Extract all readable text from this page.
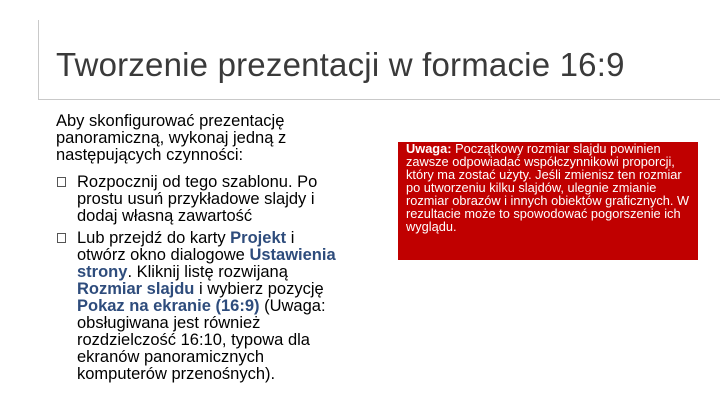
Tworzenie prezentacji w formacie 16:9

Aby skonfigurować prezentację panoramiczną, wykonaj jedną z następujących czynności:

Rozpocznij od tego szablonu. Po prostu usuń przykładowe slajdy i dodaj własną zawartość
Lub przejdź do karty Projekt i otwórz okno dialogowe Ustawienia strony. Kliknij listę rozwijaną Rozmiar slajdu i wybierz pozycję Pokaz na ekranie (16:9) (Uwaga: obsługiwana jest również rozdzielczość 16:10, typowa dla ekranów panoramicznych komputerów przenośnych).
Uwaga: Początkowy rozmiar slajdu powinien zawsze odpowiadać współczynnikowi proporcji, który ma zostać użyty. Jeśli zmienisz ten rozmiar po utworzeniu kilku slajdów, ulegnie zmianie rozmiar obrazów i innych obiektów graficznych. W rezultacie może to spowodować pogorszenie ich wyglądu.
